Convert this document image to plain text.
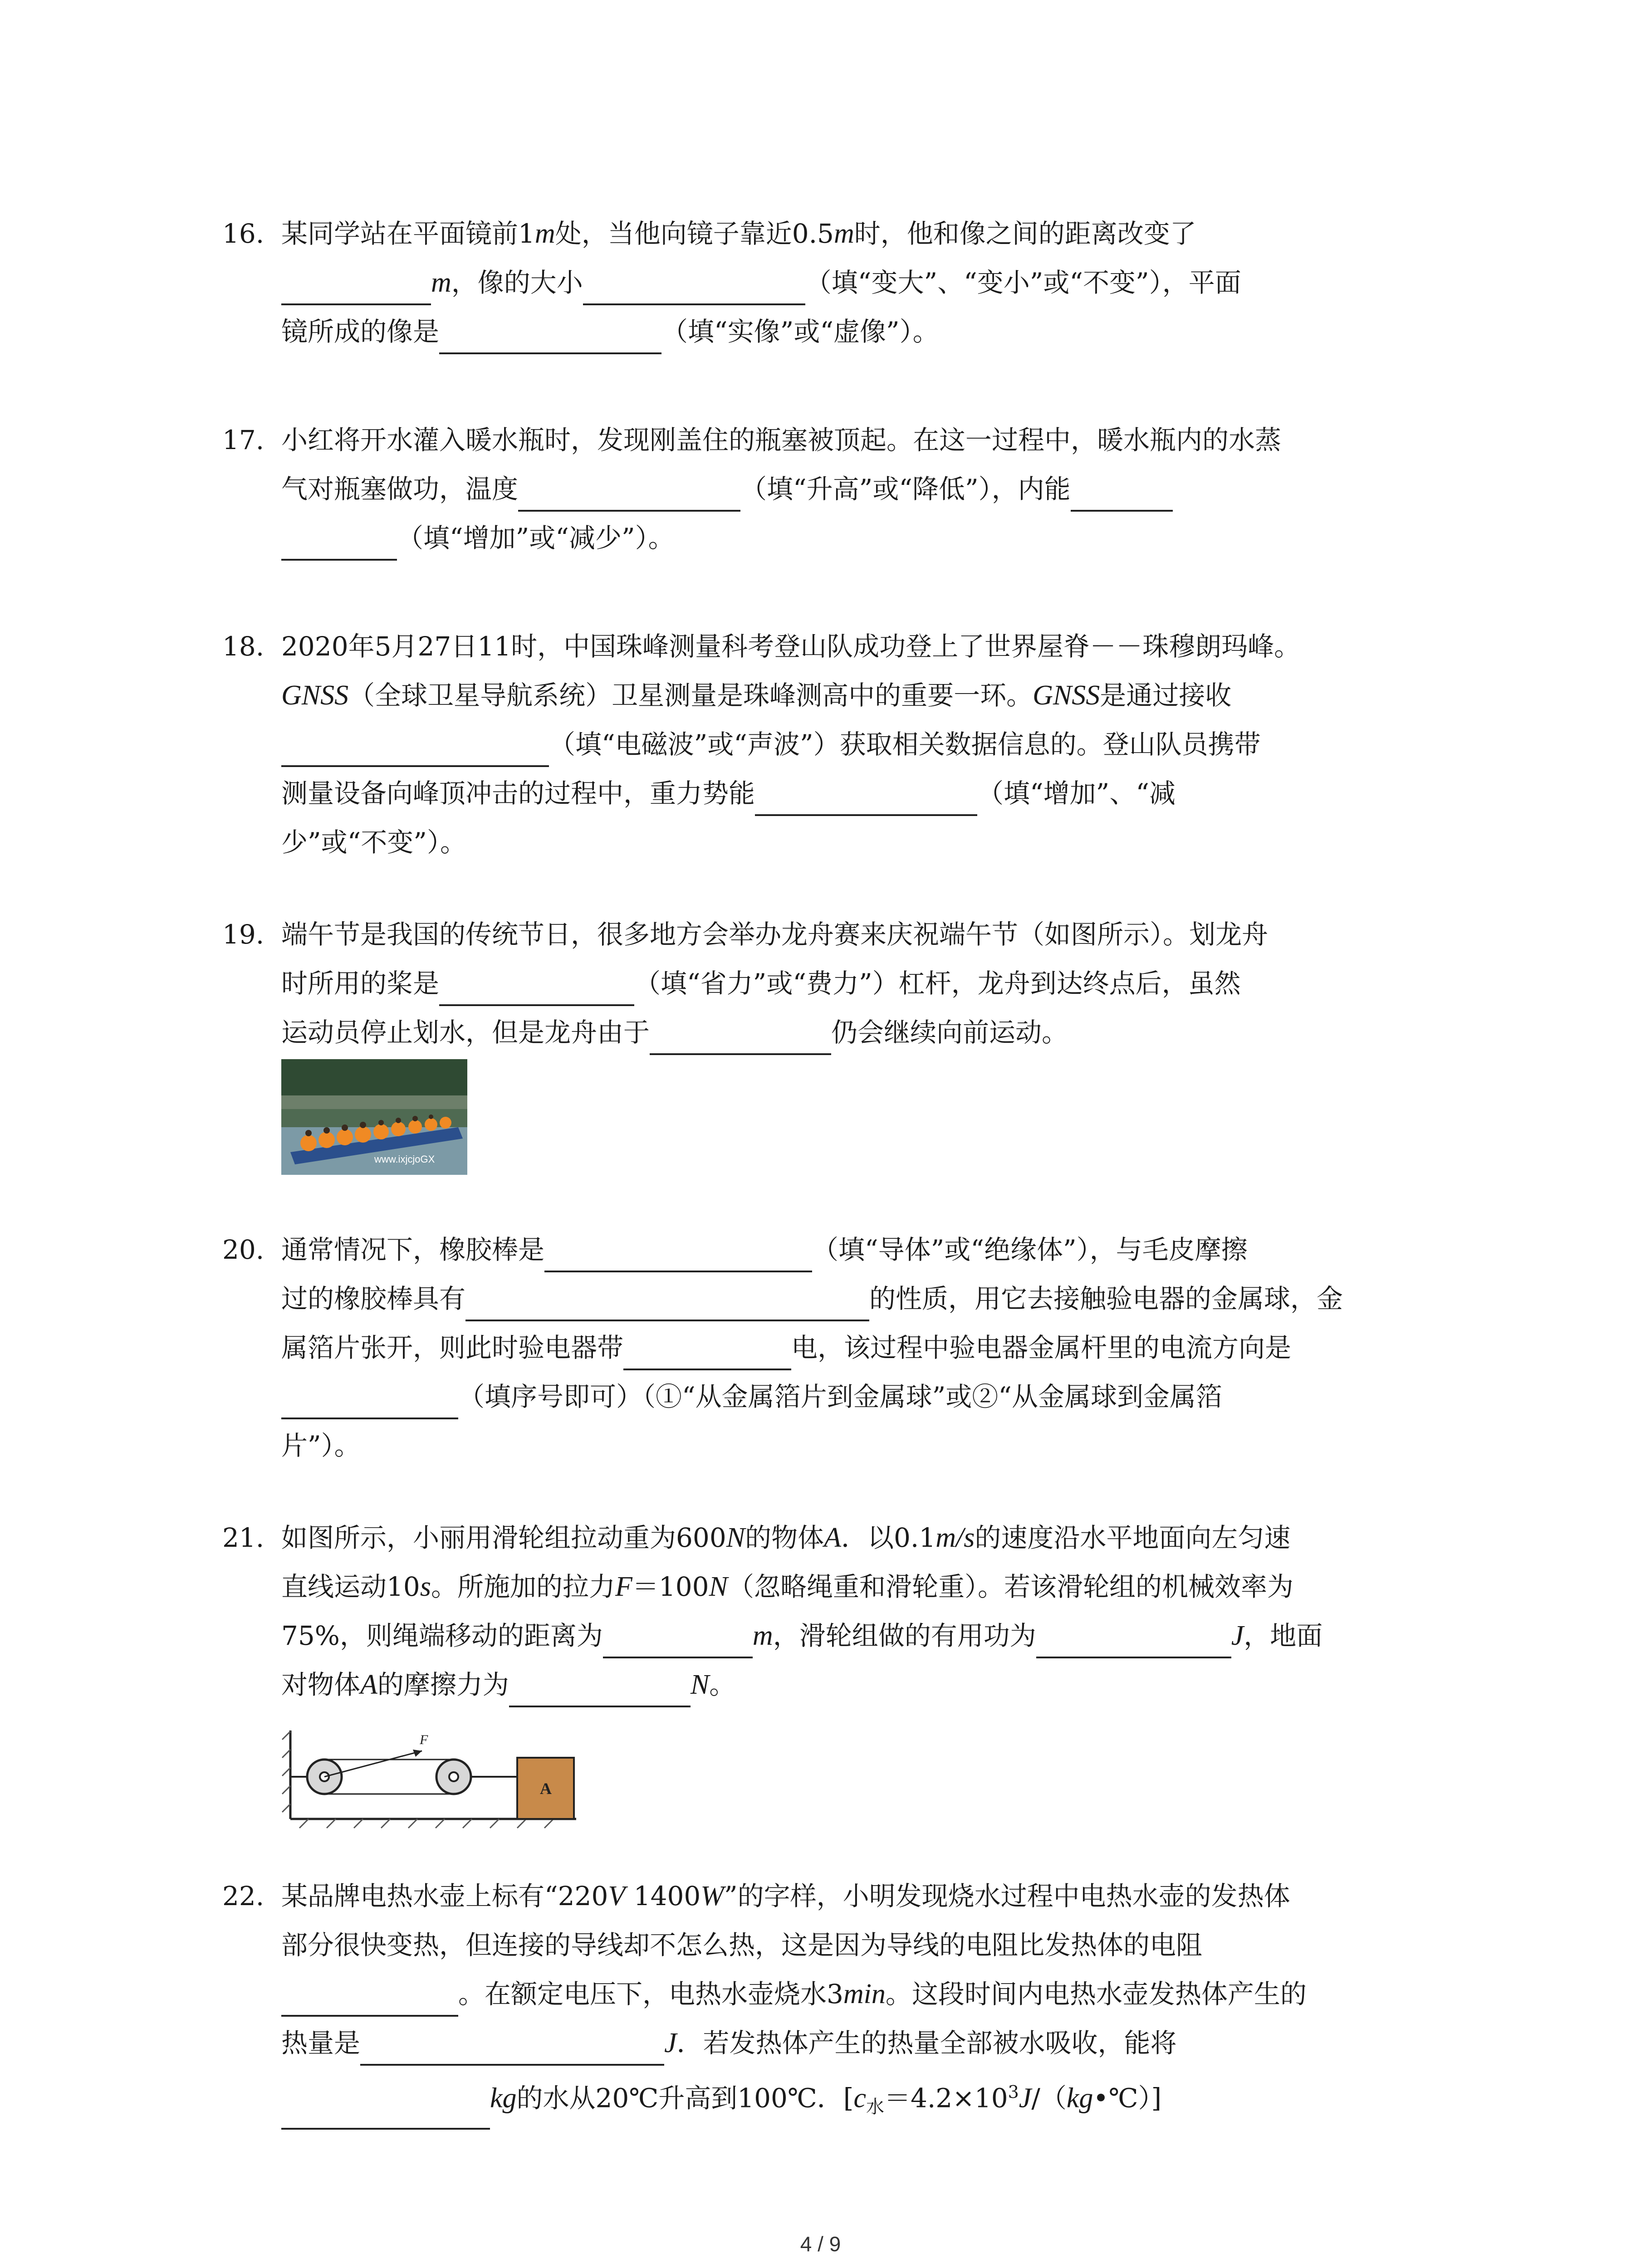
16. 某同学站在平面镜前1m处，当他向镜子靠近0.5m时，他和像之间的距离改变了
m，像的大小	（填“变大”、“变小”或“不变”），平面
镜所成的像是	（填“实像”或“虚像”）。
17. 小红将开水灌入暖水瓶时，发现刚盖住的瓶塞被顶起。在这一过程中，暖水瓶内的水蒸
气对瓶塞做功，温度	（填“升高”或“降低”），内能
（填“增加”或“减少”）。
18. 2020年5月27日11时，中国珠峰测量科考登山队成功登上了世界屋脊－－珠穆朗玛峰。
GNSS（全球卫星导航系统）卫星测量是珠峰测高中的重要一环。GNSS是通过接收
（填“电磁波”或“声波”）获取相关数据信息的。登山队员携带
测量设备向峰顶冲击的过程中，重力势能	（填“增加”、“减
少”或“不变”）。
19. 端午节是我国的传统节日，很多地方会举办龙舟赛来庆祝端午节（如图所示）。划龙舟
时所用的桨是	（填“省力”或“费力”）杠杆，龙舟到达终点后，虽然
运动员停止划水，但是龙舟由于	仍会继续向前运动。
www.ixjcjoGX
20. 通常情况下，橡胶棒是	（填“导体”或“绝缘体”），与毛皮摩擦
过的橡胶棒具有	的性质，用它去接触验电器的金属球，金
属箔片张开，则此时验电器带	电，该过程中验电器金属杆里的电流方向是
（填序号即可）（①“从金属箔片到金属球”或②“从金属球到金属箔
片”）。
21. 如图所示，小丽用滑轮组拉动重为600N的物体A．以0.1m/s的速度沿水平地面向左匀速
直线运动10s。所施加的拉力F＝100N（忽略绳重和滑轮重）。若该滑轮组的机械效率为
75%，则绳端移动的距离为	m，滑轮组做的有用功为	J，地面
对物体A的摩擦力为	N。
F
A
22. 某品牌电热水壶上标有“220V 1400W”的字样，小明发现烧水过程中电热水壶的发热体
部分很快变热，但连接的导线却不怎么热，这是因为导线的电阻比发热体的电阻
。在额定电压下，电热水壶烧水3min。这段时间内电热水壶发热体产生的
热量是	J．若发热体产生的热量全部被水吸收，能将
kg的水从20℃升高到100℃．$[c_水=4.2\times 10^3J/(kg•℃)]$
4 / 9
